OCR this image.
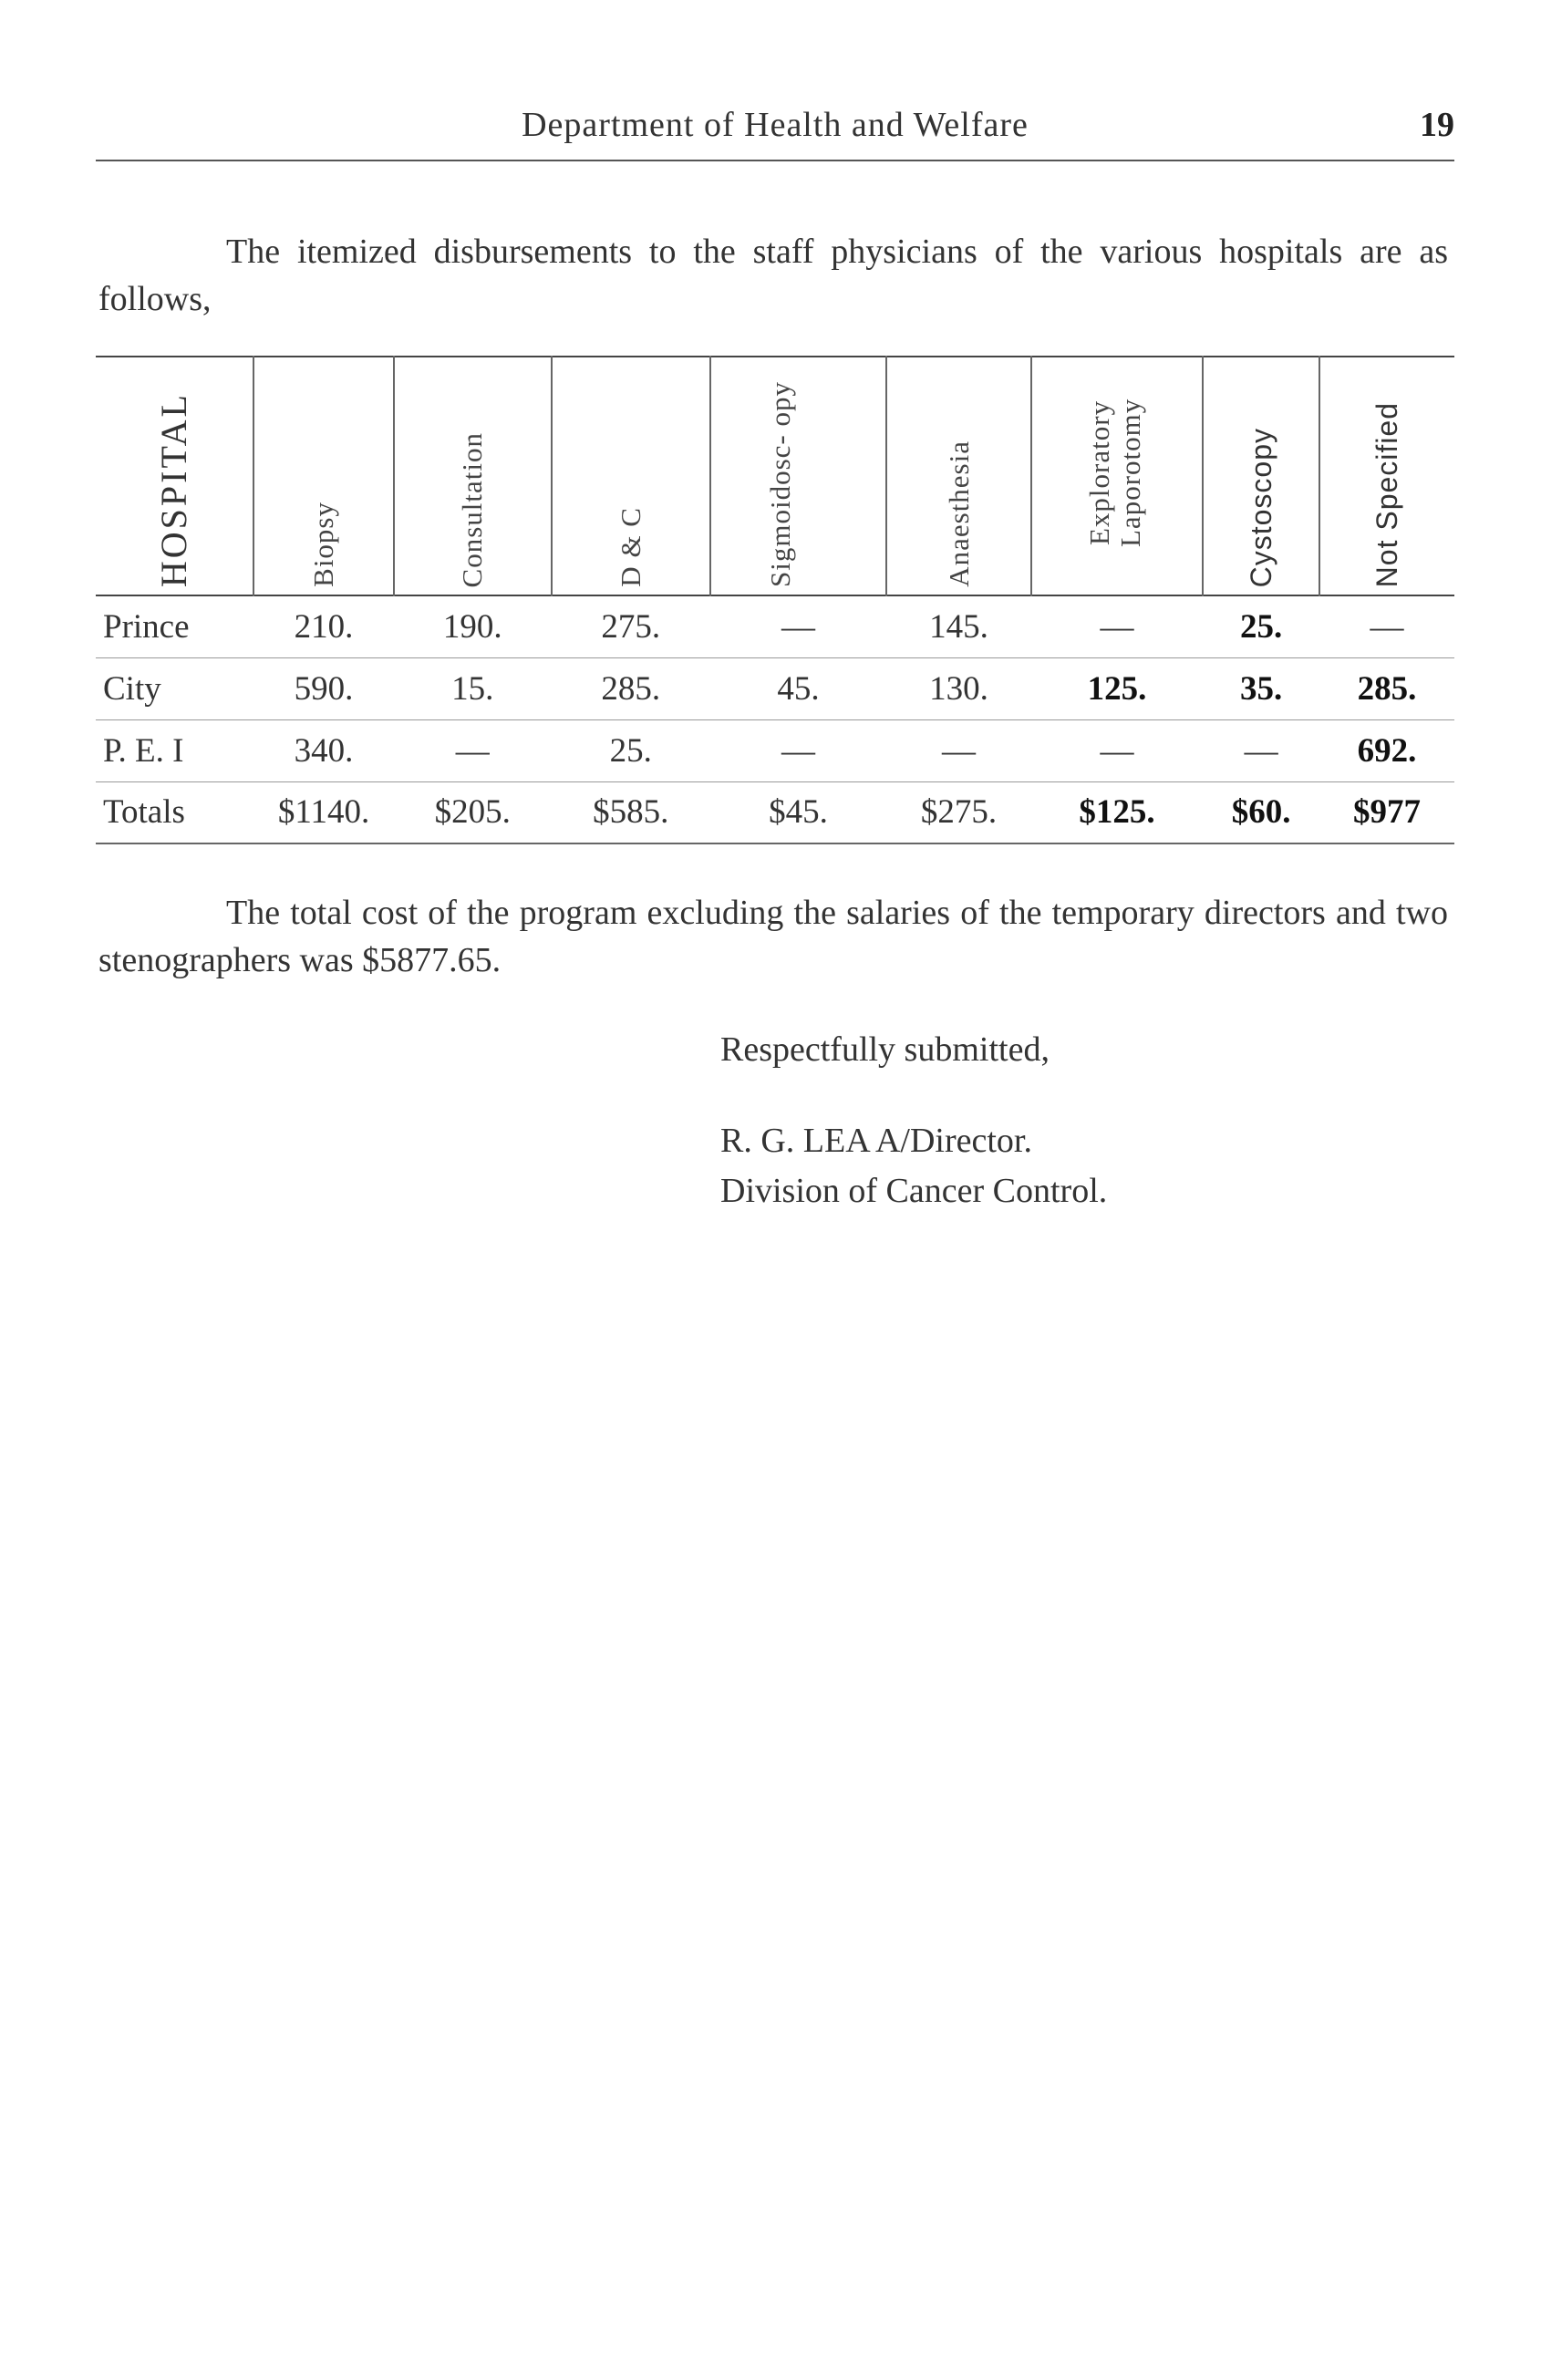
Department of Health and Welfare	19

The itemized disbursements to the staff physicians of the various hospitals are as follows,

HOSPITAL	Biopsy	Consultation	D & C	Sigmoidosc- opy	Anaesthesia	Exploratory Laporotomy	Cystoscopy	Not Specified

Prince	210.	190.	275.	—	145.	—	25.	—
City	590.	15.	285.	45.	130.	125.	35.	285.
P. E. I	340.	—	25.	—	—	—	—	692.
Totals	$1140.	$205.	$585.	$45.	$275.	$125.	$60.	$977

The total cost of the program excluding the salaries of the temporary directors and two stenographers was $5877.65.

Respectfully submitted,
R. G. LEA A/Director.
Division of Cancer Control.
